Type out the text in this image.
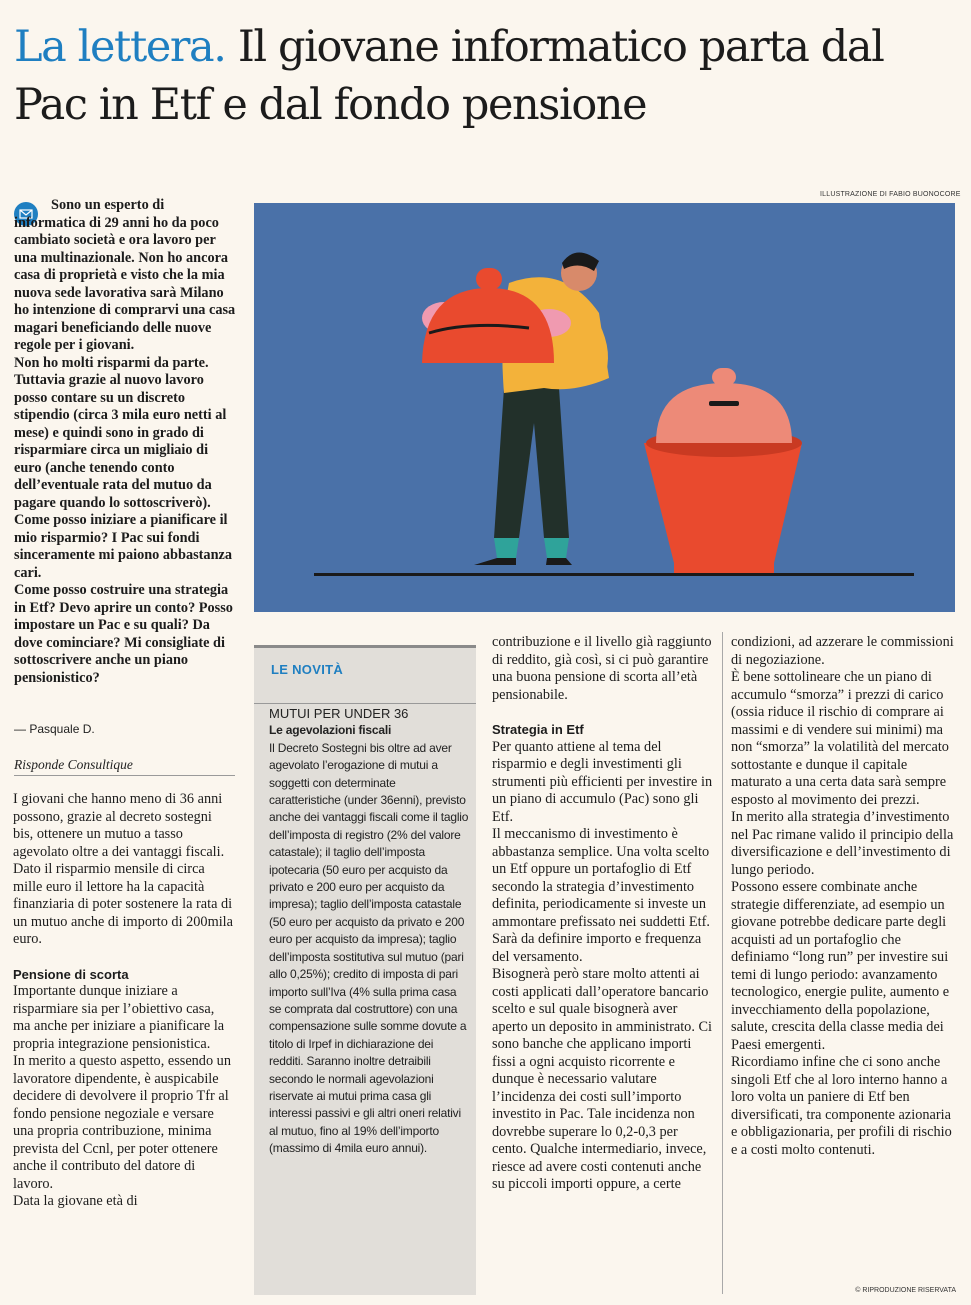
La lettera. Il giovane informatico parta dal Pac in Etf e dal fondo pensione
ILLUSTRAZIONE DI FABIO BUONOCORE

Sono un esperto di informatica di 29 anni ho da poco cambiato società e ora lavoro per una multinazionale. Non ho ancora casa di proprietà e visto che la mia nuova sede lavorativa sarà Milano ho intenzione di comprarvi una casa magari beneficiando delle nuove regole per i giovani.

Non ho molti risparmi da parte. Tuttavia grazie al nuovo lavoro posso contare su un discreto stipendio (circa 3 mila euro netti al mese) e quindi sono in grado di risparmiare circa un migliaio di euro (anche tenendo conto dell’eventuale rata del mutuo da pagare quando lo sottoscriverò).

Come posso iniziare a pianificare il mio risparmio? I Pac sui fondi sinceramente mi paiono abbastanza cari.

Come posso costruire una strategia in Etf? Devo aprire un conto? Posso impostare un Pac e su quali? Da dove cominciare? Mi consigliate di sottoscrivere anche un piano pensionistico?

— Pasquale D.
Risponde Consultique

I giovani che hanno meno di 36 anni possono, grazie al decreto sostegni bis, ottenere un mutuo a tasso agevolato oltre a dei vantaggi fiscali.

Dato il risparmio mensile di circa mille euro il lettore ha la capacità finanziaria di poter sostenere la rata di un mutuo anche di importo di 200mila euro.

Pensione di scorta

Importante dunque iniziare a risparmiare sia per l’obiettivo casa, ma anche per iniziare a pianificare la propria integrazione pensionistica.

In merito a questo aspetto, essendo un lavoratore dipendente, è auspicabile decidere di devolvere il proprio Tfr al fondo pensione negoziale e versare una propria contribuzione, minima prevista del Ccnl, per poter ottenere anche il contributo del datore di lavoro.

Data la giovane età di

LE NOVITÀ
MUTUI PER UNDER 36
Le agevolazioni fiscali
Il Decreto Sostegni bis oltre ad aver agevolato l’erogazione di mutui a soggetti con determinate caratteristiche (under 36enni), previsto anche dei vantaggi fiscali come il taglio dell’imposta di registro (2% del valore catastale); il taglio dell’imposta ipotecaria (50 euro per acquisto da privato e 200 euro per acquisto da impresa); taglio dell’imposta catastale (50 euro per acquisto da privato e 200 euro per acquisto da impresa); taglio dell’imposta sostitutiva sul mutuo (pari allo 0,25%); credito di imposta di pari importo sull’Iva (4% sulla prima casa se comprata dal costruttore) con una compensazione sulle somme dovute a titolo di Irpef in dichiarazione dei redditi. Saranno inoltre detraibili secondo le normali agevolazioni riservate ai mutui prima casa gli interessi passivi e gli altri oneri relativi al mutuo, fino al 19% dell’importo (massimo di 4mila euro annui).

contribuzione e il livello già raggiunto di reddito, già così, si ci può garantire una buona pensione di scorta all’età pensionabile.

Strategia in Etf

Per quanto attiene al tema del risparmio e degli investimenti gli strumenti più efficienti per investire in un piano di accumulo (Pac) sono gli Etf.

Il meccanismo di investimento è abbastanza semplice. Una volta scelto un Etf oppure un portafoglio di Etf secondo la strategia d’investimento definita, periodicamente si investe un ammontare prefissato nei suddetti Etf.

Sarà da definire importo e frequenza del versamento.

Bisognerà però stare molto attenti ai costi applicati dall’operatore bancario scelto e sul quale bisognerà aver aperto un deposito in amministrato. Ci sono banche che applicano importi fissi a ogni acquisto ricorrente e dunque è necessario valutare l’incidenza dei costi sull’importo investito in Pac. Tale incidenza non dovrebbe superare lo 0,2-0,3 per cento. Qualche intermediario, invece, riesce ad avere costi contenuti anche su piccoli importi oppure, a certe

condizioni, ad azzerare le commissioni di negoziazione.

È bene sottolineare che un piano di accumulo “smorza” i prezzi di carico (ossia riduce il rischio di comprare ai massimi e di vendere sui minimi) ma non “smorza” la volatilità del mercato sottostante e dunque il capitale maturato a una certa data sarà sempre esposto al movimento dei prezzi.

In merito alla strategia d’investimento nel Pac rimane valido il principio della diversificazione e dell’investimento di lungo periodo.

Possono essere combinate anche strategie differenziate, ad esempio un giovane potrebbe dedicare parte degli acquisti ad un portafoglio che definiamo “long run” per investire sui temi di lungo periodo: avanzamento tecnologico, energie pulite, aumento e invecchiamento della popolazione, salute, crescita della classe media dei Paesi emergenti.

Ricordiamo infine che ci sono anche singoli Etf che al loro interno hanno a loro volta un paniere di Etf ben diversificati, tra componente azionaria e obbligazionaria, per profili di rischio e a costi molto contenuti.

© RIPRODUZIONE RISERVATA
